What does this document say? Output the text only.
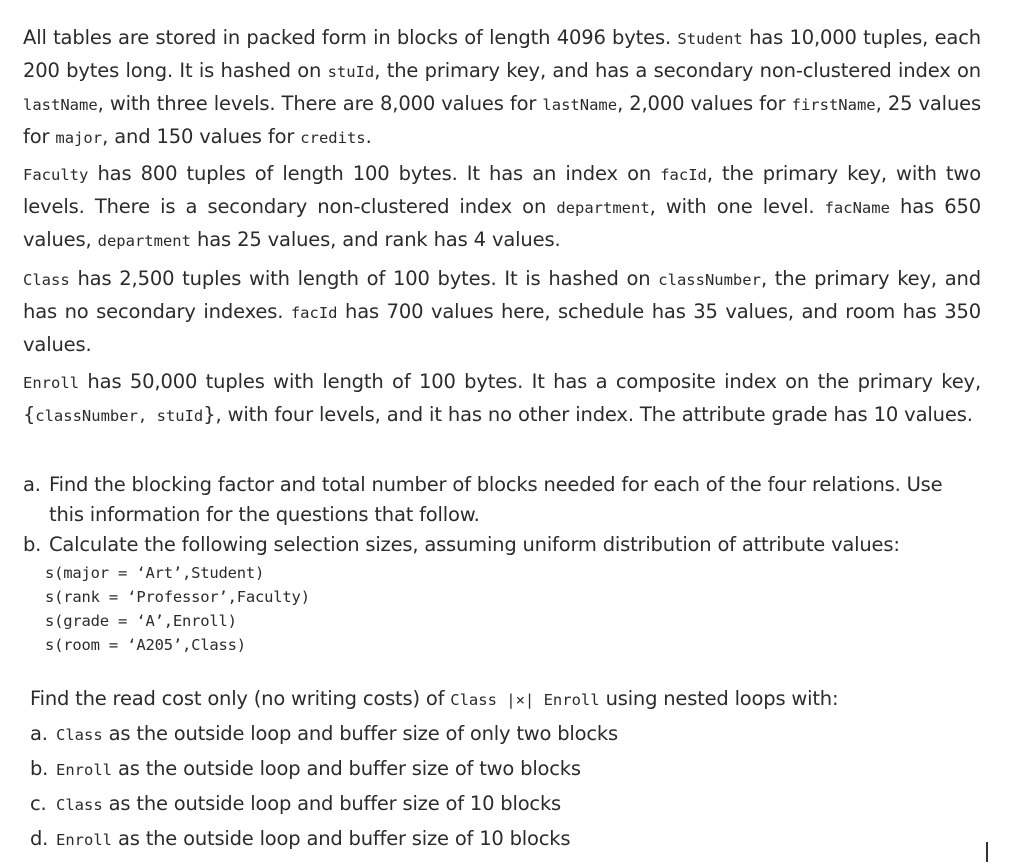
All tables are stored in packed form in blocks of length 4096 bytes. Student has 10,000 tuples, each 200 bytes long. It is hashed on stuId, the primary key, and has a secondary non-clustered index on lastName, with three levels. There are 8,000 values for lastName, 2,000 values for firstName, 25 values for major, and 150 values for credits.
Faculty has 800 tuples of length 100 bytes. It has an index on facId, the primary key, with two levels. There is a secondary non-clustered index on department, with one level. facName has 650 values, department has 25 values, and rank has 4 values.
Class has 2,500 tuples with length of 100 bytes. It is hashed on classNumber, the primary key, and has no secondary indexes. facId has 700 values here, schedule has 35 values, and room has 350 values.
Enroll has 50,000 tuples with length of 100 bytes. It has a composite index on the primary key, {classNumber, stuId}, with four levels, and it has no other index. The attribute grade has 10 values.
a. Find the blocking factor and total number of blocks needed for each of the four relations. Use this information for the questions that follow.
b. Calculate the following selection sizes, assuming uniform distribution of attribute values:
s(major = ‘Art’,Student)
s(rank = ‘Professor’,Faculty)
s(grade = ‘A’,Enroll)
s(room = ‘A205’,Class)
Find the read cost only (no writing costs) of Class |×| Enroll using nested loops with:
a. Class as the outside loop and buffer size of only two blocks
b. Enroll as the outside loop and buffer size of two blocks
c. Class as the outside loop and buffer size of 10 blocks
d. Enroll as the outside loop and buffer size of 10 blocks
